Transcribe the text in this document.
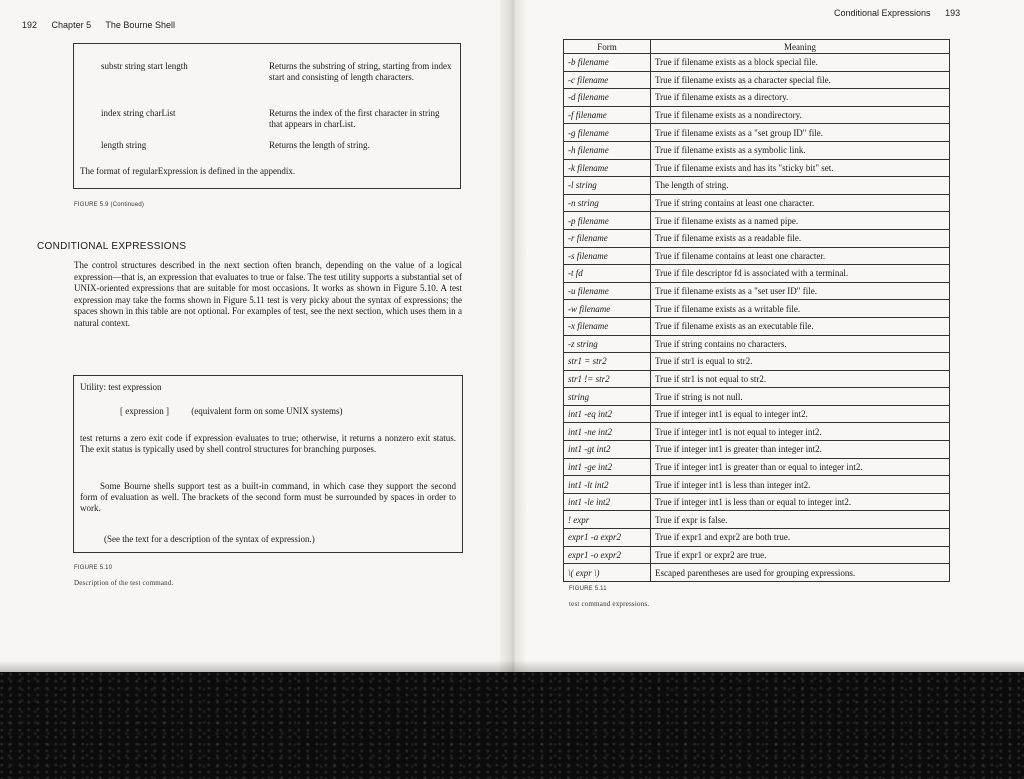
192 Chapter 5 The Bourne Shell
substr string start length	Returns the substring of string, starting from index start and consisting of length characters.
index string charList	Returns the index of the first character in string that appears in charList.
length string	Returns the length of string.
The format of regularExpression is defined in the appendix.
FIGURE 5.9 (Continued)
CONDITIONAL EXPRESSIONS
The control structures described in the next section often branch, depending on the value of a logical expression—that is, an expression that evaluates to true or false. The test utility supports a substantial set of UNIX-oriented expressions that are suitable for most occasions. It works as shown in Figure 5.10. A test expression may take the forms shown in Figure 5.11 test is very picky about the syntax of expressions; the spaces shown in this table are not optional. For examples of test, see the next section, which uses them in a natural context.
Utility: test expression
[ expression ] (equivalent form on some UNIX systems)
test returns a zero exit code if expression evaluates to true; otherwise, it returns a nonzero exit status. The exit status is typically used by shell control structures for branching purposes.
Some Bourne shells support test as a built-in command, in which case they support the second form of evaluation as well. The brackets of the second form must be surrounded by spaces in order to work.
(See the text for a description of the syntax of expression.)
FIGURE 5.10
Description of the test command.
Conditional Expressions 193
Form	Meaning
-b filename	True if filename exists as a block special file.
-c filename	True if filename exists as a character special file.
-d filename	True if filename exists as a directory.
-f filename	True if filename exists as a nondirectory.
-g filename	True if filename exists as a "set group ID" file.
-h filename	True if filename exists as a symbolic link.
-k filename	True if filename exists and has its "sticky bit" set.
-l string	The length of string.
-n string	True if string contains at least one character.
-p filename	True if filename exists as a named pipe.
-r filename	True if filename exists as a readable file.
-s filename	True if filename contains at least one character.
-t fd	True if file descriptor fd is associated with a terminal.
-u filename	True if filename exists as a "set user ID" file.
-w filename	True if filename exists as a writable file.
-x filename	True if filename exists as an executable file.
-z string	True if string contains no characters.
str1 = str2	True if str1 is equal to str2.
str1 != str2	True if str1 is not equal to str2.
string	True if string is not null.
int1 -eq int2	True if integer int1 is equal to integer int2.
int1 -ne int2	True if integer int1 is not equal to integer int2.
int1 -gt int2	True if integer int1 is greater than integer int2.
int1 -ge int2	True if integer int1 is greater than or equal to integer int2.
int1 -lt int2	True if integer int1 is less than integer int2.
int1 -le int2	True if integer int1 is less than or equal to integer int2.
! expr	True if expr is false.
expr1 -a expr2	True if expr1 and expr2 are both true.
expr1 -o expr2	True if expr1 or expr2 are true.
\( expr \)	Escaped parentheses are used for grouping expressions.
FIGURE 5.11
test command expressions.
